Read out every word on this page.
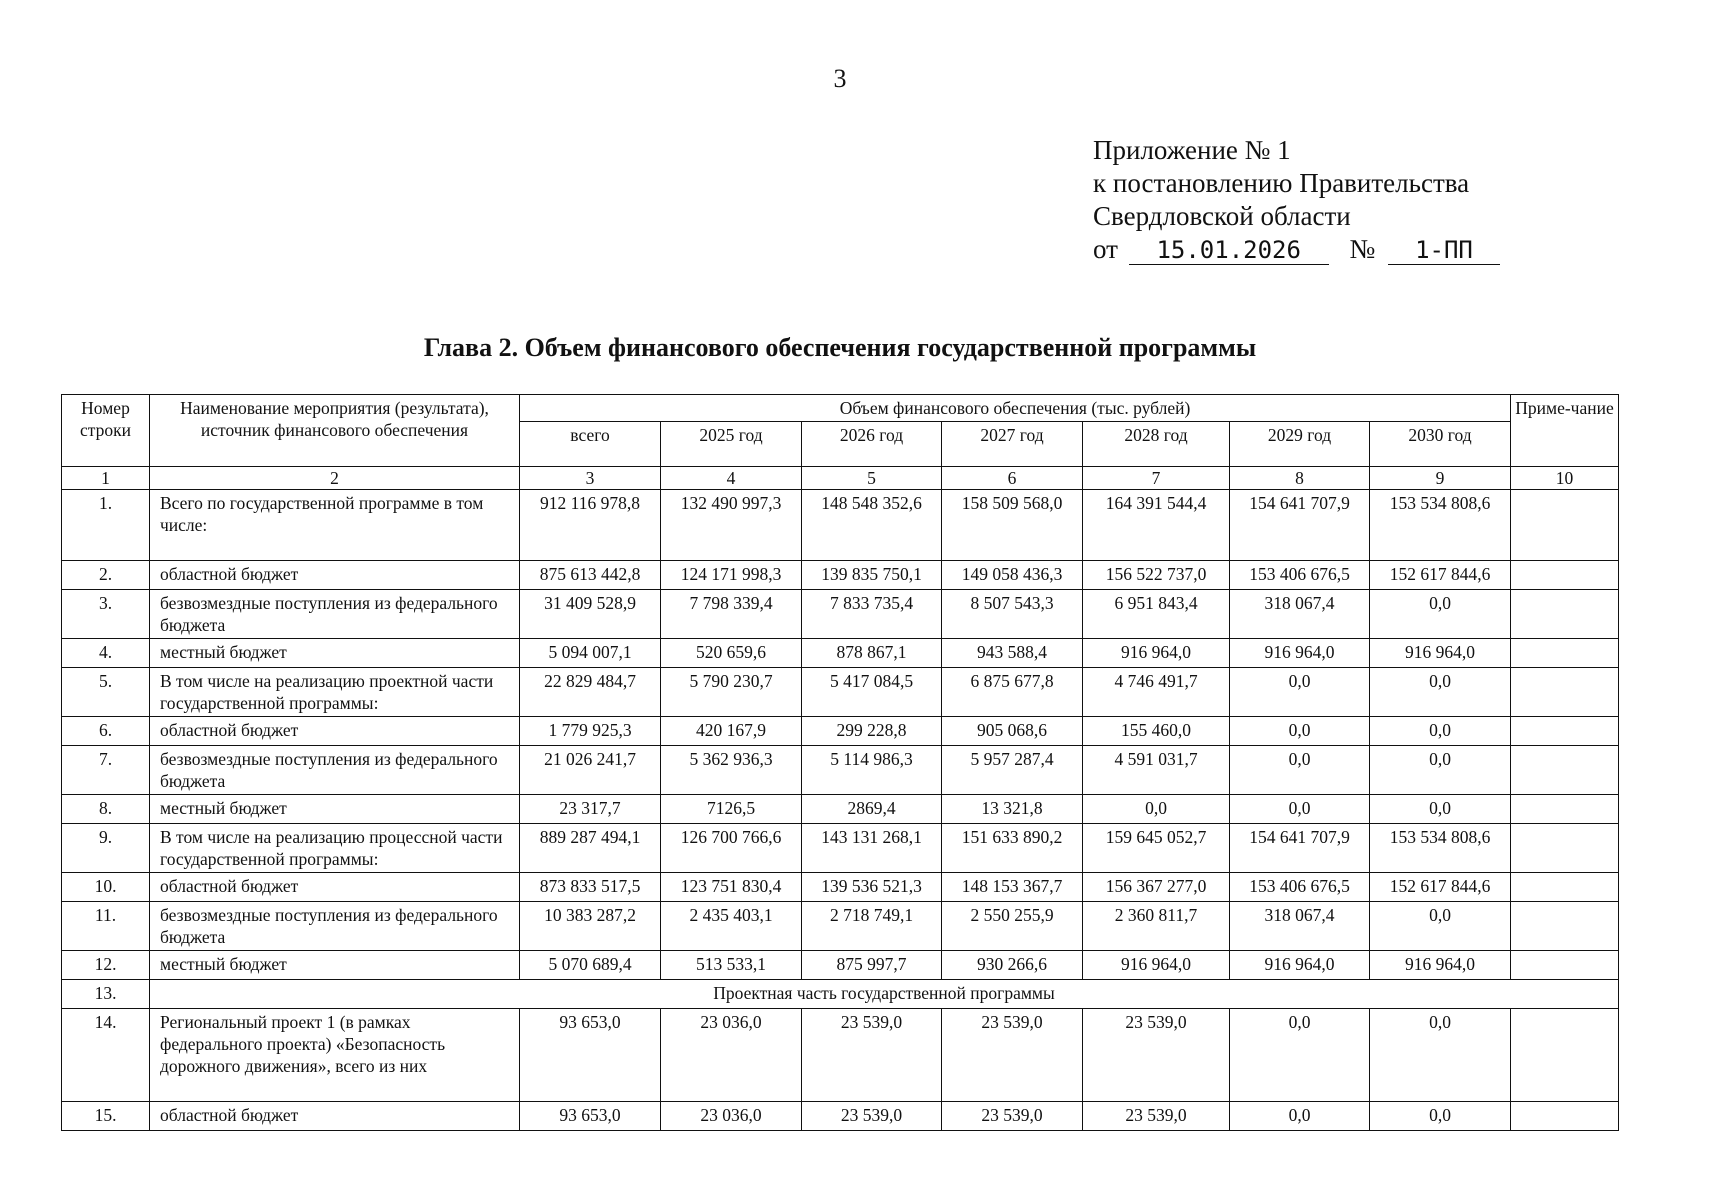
3
Приложение № 1
к постановлению Правительства
Свердловской области
от 15.01.2026 № 1-ПП
Глава 2. Объем финансового обеспечения государственной программы
Номер строки	Наименование мероприятия (результата), источник финансового обеспечения	Объем финансового обеспечения (тыс. рублей)							Приме-чание
		всего	2025 год	2026 год	2027 год	2028 год	2029 год	2030 год	
1	2	3	4	5	6	7	8	9	10
1.	Всего по государственной программе в том числе:	912 116 978,8	132 490 997,3	148 548 352,6	158 509 568,0	164 391 544,4	154 641 707,9	153 534 808,6	
2.	областной бюджет	875 613 442,8	124 171 998,3	139 835 750,1	149 058 436,3	156 522 737,0	153 406 676,5	152 617 844,6	
3.	безвозмездные поступления из федерального бюджета	31 409 528,9	7 798 339,4	7 833 735,4	8 507 543,3	6 951 843,4	318 067,4	0,0	
4.	местный бюджет	5 094 007,1	520 659,6	878 867,1	943 588,4	916 964,0	916 964,0	916 964,0	
5.	В том числе на реализацию проектной части государственной программы:	22 829 484,7	5 790 230,7	5 417 084,5	6 875 677,8	4 746 491,7	0,0	0,0	
6.	областной бюджет	1 779 925,3	420 167,9	299 228,8	905 068,6	155 460,0	0,0	0,0	
7.	безвозмездные поступления из федерального бюджета	21 026 241,7	5 362 936,3	5 114 986,3	5 957 287,4	4 591 031,7	0,0	0,0	
8.	местный бюджет	23 317,7	7126,5	2869,4	13 321,8	0,0	0,0	0,0	
9.	В том числе на реализацию процессной части государственной программы:	889 287 494,1	126 700 766,6	143 131 268,1	151 633 890,2	159 645 052,7	154 641 707,9	153 534 808,6	
10.	областной бюджет	873 833 517,5	123 751 830,4	139 536 521,3	148 153 367,7	156 367 277,0	153 406 676,5	152 617 844,6	
11.	безвозмездные поступления из федерального бюджета	10 383 287,2	2 435 403,1	2 718 749,1	2 550 255,9	2 360 811,7	318 067,4	0,0	
12.	местный бюджет	5 070 689,4	513 533,1	875 997,7	930 266,6	916 964,0	916 964,0	916 964,0	
13.	Проектная часть государственной программы								
14.	Региональный проект 1 (в рамках федерального проекта) «Безопасность дорожного движения», всего из них	93 653,0	23 036,0	23 539,0	23 539,0	23 539,0	0,0	0,0	
15.	областной бюджет	93 653,0	23 036,0	23 539,0	23 539,0	23 539,0	0,0	0,0	
